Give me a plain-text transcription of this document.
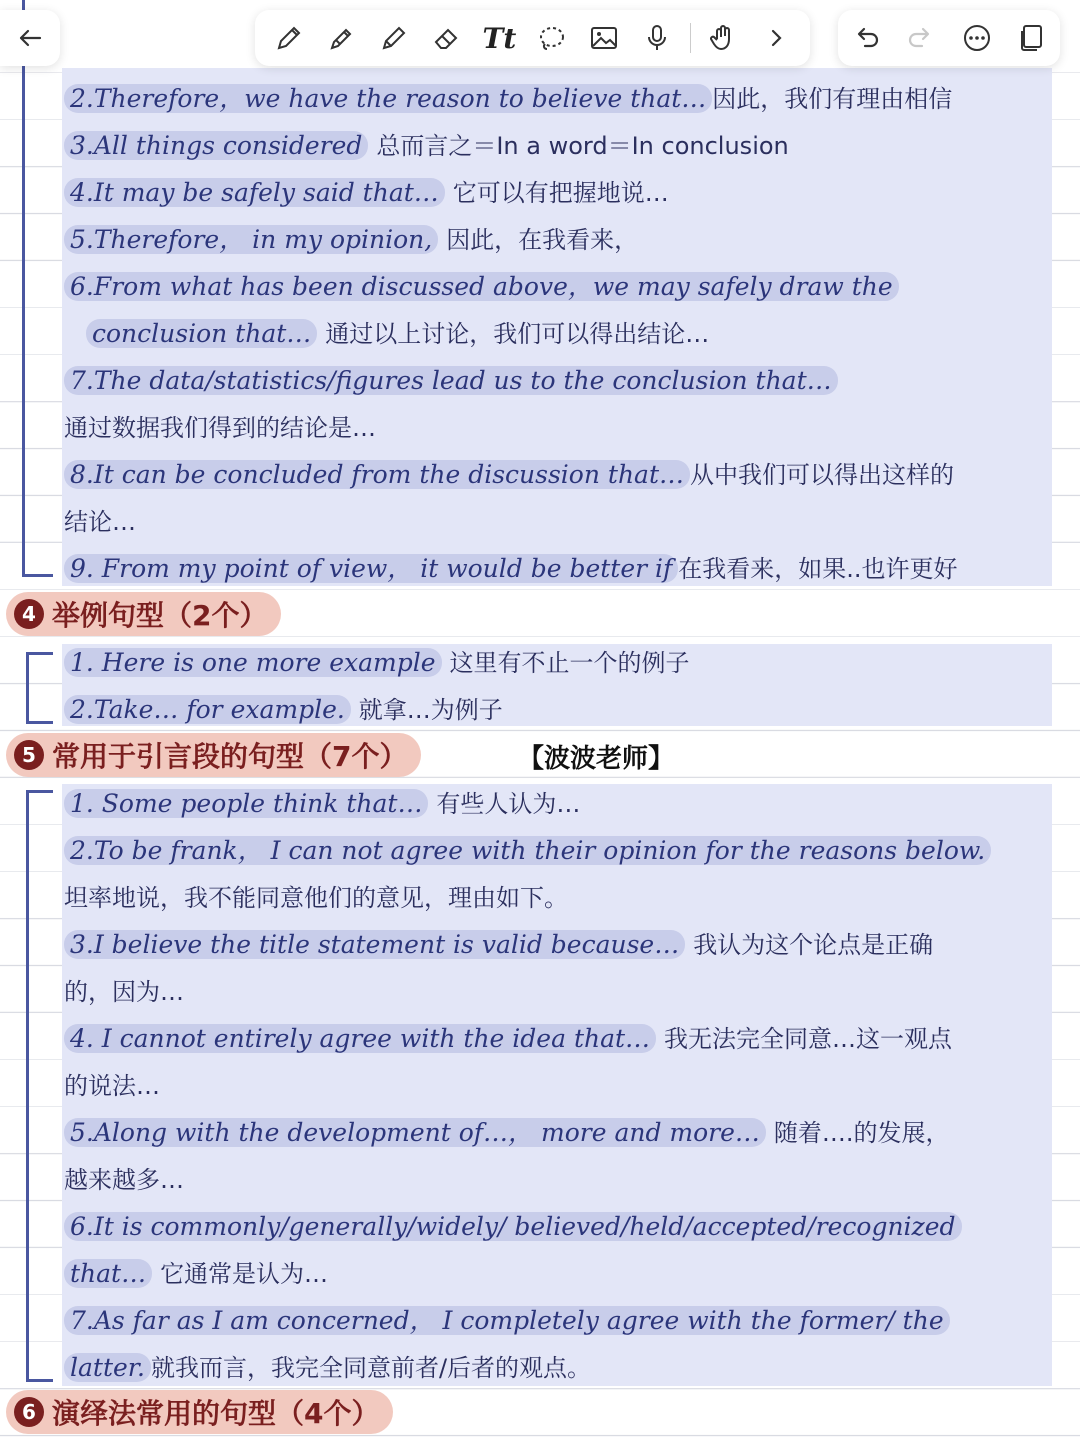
Tt
2.Therefore，we have the reason to believe that… 因此，我们有理由相信
3.All things considered 总而言之＝In a word＝In conclusion
4.It may be safely said that… 它可以有把握地说…
5.Therefore， in my opinion, 因此，在我看来，
6.From what has been discussed above，we may safely draw the
conclusion that… 通过以上讨论，我们可以得出结论…
7.The data/statistics/figures lead us to the conclusion that…
通过数据我们得到的结论是…
8.It can be concluded from the discussion that… 从中我们可以得出这样的
结论…
9. From my point of view， it would be better if 在我看来，如果..也许更好
4 举例句型（2个）
1. Here is one more example 这里有不止一个的例子
2.Take… for example. 就拿…为例子
5 常用于引言段的句型（7个）	【波波老师】
1. Some people think that… 有些人认为…
2.To be frank， I can not agree with their opinion for the reasons below.
坦率地说，我不能同意他们的意见，理由如下。
3.I believe the title statement is valid because… 我认为这个论点是正确
的，因为…
4. I cannot entirely agree with the idea that… 我无法完全同意…这一观点
的说法…
5.Along with the development of…， more and more… 随着….的发展，
越来越多…
6.It is commonly/generally/widely/ believed/held/accepted/recognized
that… 它通常是认为…
7.As far as I am concerned， I completely agree with the former/ the
latter. 就我而言，我完全同意前者/后者的观点。
6 演绎法常用的句型（4个）
